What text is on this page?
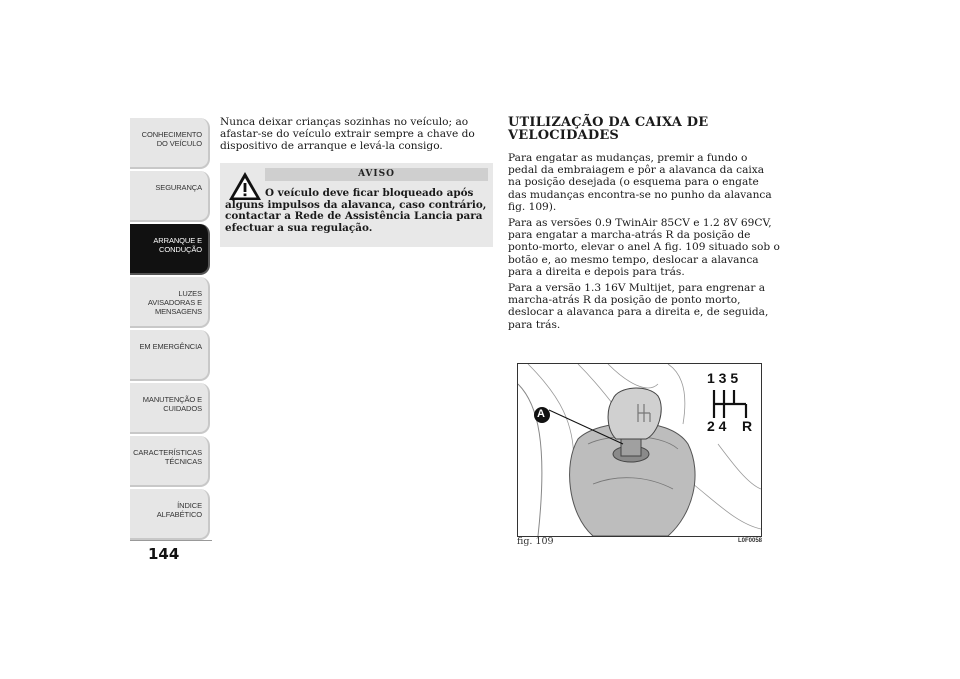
CONHECIMENTO
DO VEÍCULO
SEGURANÇA
ARRANQUE E
CONDUÇÃO
LUZES
AVISADORAS E
MENSAGENS
EM EMERGÊNCIA
MANUTENÇÃO E
CUIDADOS
CARACTERÍSTICAS
TÉCNICAS
ÍNDICE
ALFABÉTICO
144

Nunca deixar crianças sozinhas no veículo; ao afastar-se do veículo extrair sempre a chave do dispositivo de arranque e levá-la consigo.

AVISO
O veículo deve ficar bloqueado após alguns impulsos da alavanca, caso contrário, contactar a Rede de Assistência Lancia para efectuar a sua regulação.
UTILIZAÇÃO DA CAIXA DE VELOCIDADES

Para engatar as mudanças, premir a fundo o pedal da embraiagem e pôr a alavanca da caixa na posição desejada (o esquema para o engate das mudanças encontra-se no punho da alavanca fig. 109).

Para as versões 0.9 TwinAir 85CV e 1.2 8V 69CV, para engatar a marcha-atrás R da posição de ponto-morto, elevar o anel A fig. 109 situado sob o botão e, ao mesmo tempo, deslocar a alavanca para a direita e depois para trás.

Para a versão 1.3 16V Multijet, para engrenar a marcha-atrás R da posição de ponto morto, deslocar a alavanca para a direita e, de seguida, para trás.

A
1 3 5
2 4 R
fig. 109	L0F0058
